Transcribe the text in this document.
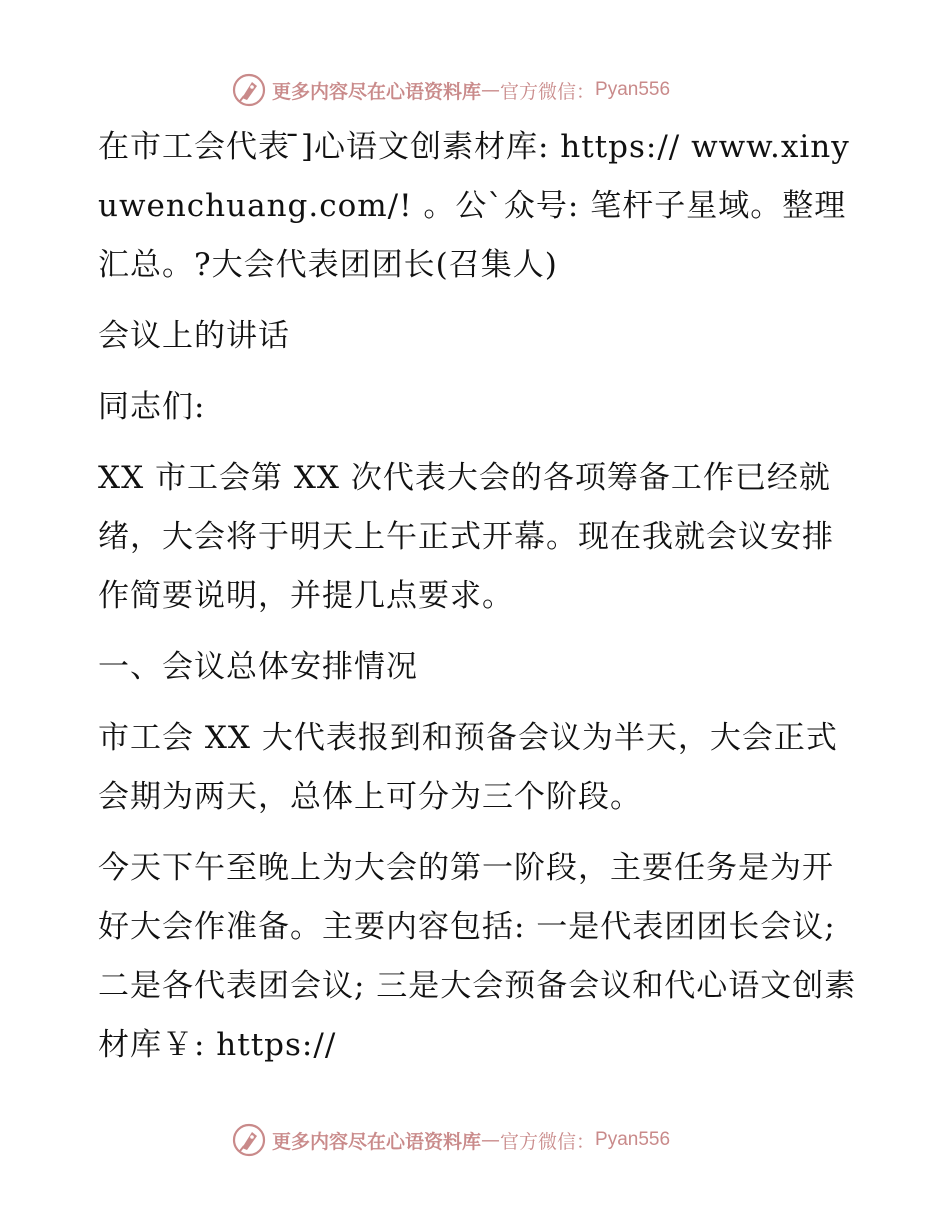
更多内容尽在心语资料库 — 官方微信： Pyan556

在市工会代表 ̄]心语文创素材库: https:// www.xinyuwenchuang.com/! 。公`众号: 笔杆子星域。整理汇总。?大会代表团团长(召集人)

会议上的讲话

同志们:

XX 市工会第 XX 次代表大会的各项筹备工作已经就绪，大会将于明天上午正式开幕。现在我就会议安排作简要说明，并提几点要求。

一、会议总体安排情况

市工会 XX 大代表报到和预备会议为半天，大会正式会期为两天，总体上可分为三个阶段。

今天下午至晚上为大会的第一阶段，主要任务是为开好大会作准备。主要内容包括: 一是代表团团长会议; 二是各代表团会议; 三是大会预备会议和代心语文创素材库￥: https://

更多内容尽在心语资料库 — 官方微信： Pyan556
